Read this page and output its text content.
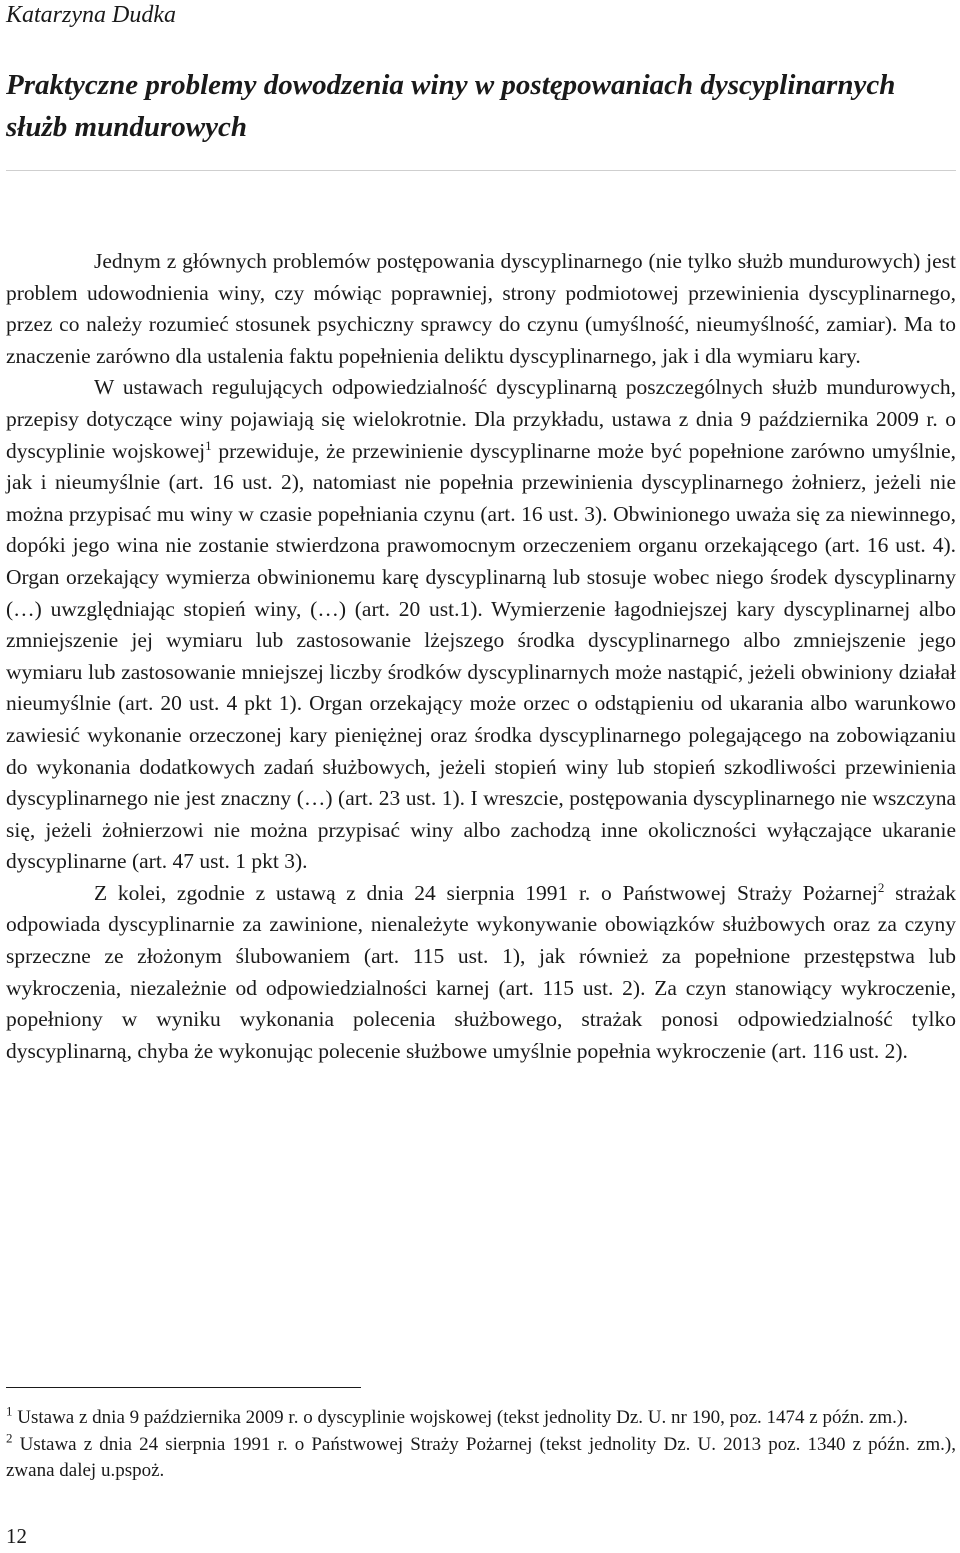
Katarzyna Dudka
Praktyczne problemy dowodzenia winy w postępowaniach dyscyplinarnych służb mundurowych

Jednym z głównych problemów postępowania dyscyplinarnego (nie tylko służb mundurowych) jest problem udowodnienia winy, czy mówiąc poprawniej, strony podmiotowej przewinienia dyscyplinarnego, przez co należy rozumieć stosunek psychiczny sprawcy do czynu (umyślność, nieumyślność, zamiar). Ma to znaczenie zarówno dla ustalenia faktu popełnienia deliktu dyscyplinarnego, jak i dla wymiaru kary.

W ustawach regulujących odpowiedzialność dyscyplinarną poszczególnych służb mundurowych, przepisy dotyczące winy pojawiają się wielokrotnie. Dla przykładu, ustawa z dnia 9 października 2009 r. o dyscyplinie wojskowej$^1$ przewiduje, że przewinienie dyscyplinarne może być popełnione zarówno umyślnie, jak i nieumyślnie (art. 16 ust. 2), natomiast nie popełnia przewinienia dyscyplinarnego żołnierz, jeżeli nie można przypisać mu winy w czasie popełniania czynu (art. 16 ust. 3). Obwinionego uważa się za niewinnego, dopóki jego wina nie zostanie stwierdzona prawomocnym orzeczeniem organu orzekającego (art. 16 ust. 4). Organ orzekający wymierza obwinionemu karę dyscyplinarną lub stosuje wobec niego środek dyscyplinarny (…) uwzględniając stopień winy, (…) (art. 20 ust.1). Wymierzenie łagodniejszej kary dyscyplinarnej albo zmniejszenie jej wymiaru lub zastosowanie lżejszego środka dyscyplinarnego albo zmniejszenie jego wymiaru lub zastosowanie mniejszej liczby środków dyscyplinarnych może nastąpić, jeżeli obwiniony działał nieumyślnie (art. 20 ust. 4 pkt 1). Organ orzekający może orzec o odstąpieniu od ukarania albo warunkowo zawiesić wykonanie orzeczonej kary pieniężnej oraz środka dyscyplinarnego polegającego na zobowiązaniu do wykonania dodatkowych zadań służbowych, jeżeli stopień winy lub stopień szkodliwości przewinienia dyscyplinarnego nie jest znaczny (…) (art. 23 ust. 1). I wreszcie, postępowania dyscyplinarnego nie wszczyna się, jeżeli żołnierzowi nie można przypisać winy albo zachodzą inne okoliczności wyłączające ukaranie dyscyplinarne (art. 47 ust. 1 pkt 3).

Z kolei, zgodnie z ustawą z dnia 24 sierpnia 1991 r. o Państwowej Straży Pożarnej$^2$ strażak odpowiada dyscyplinarnie za zawinione, nienależyte wykonywanie obowiązków służbowych oraz za czyny sprzeczne ze złożonym ślubowaniem (art. 115 ust. 1), jak również za popełnione przestępstwa lub wykroczenia, niezależnie od odpowiedzialności karnej (art. 115 ust. 2). Za czyn stanowiący wykroczenie, popełniony w wyniku wykonania polecenia służbowego, strażak ponosi odpowiedzialność tylko dyscyplinarną, chyba że wykonując polecenie służbowe umyślnie popełnia wykroczenie (art. 116 ust. 2).

$^1$ Ustawa z dnia 9 października 2009 r. o dyscyplinie wojskowej (tekst jednolity Dz. U. nr 190, poz. 1474 z późn. zm.).

$^2$ Ustawa z dnia 24 sierpnia 1991 r. o Państwowej Straży Pożarnej (tekst jednolity Dz. U. 2013 poz. 1340 z późn. zm.), zwana dalej u.pspoż.

12
